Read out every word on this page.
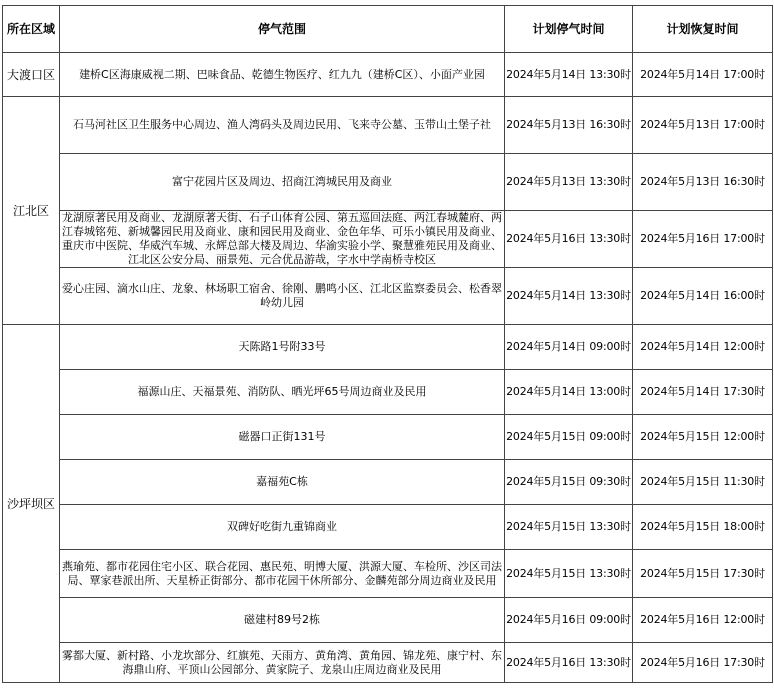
所在区域	停气范围	计划停气时间	计划恢复时间
大渡口区	建桥C区海康威视二期、巴味食品、乾德生物医疗、红九九（建桥C区）、小面产业园	2024年5月14日 13:30时	2024年5月14日 17:00时
江北区	石马河社区卫生服务中心周边、渔人湾码头及周边民用、飞来寺公墓、玉带山土堡子社	2024年5月13日 16:30时	2024年5月13日 17:00时
	富宁花园片区及周边、招商江湾城民用及商业	2024年5月13日 13:30时	2024年5月13日 16:30时
	龙湖原著民用及商业、龙湖原著天街、石子山体育公园、第五巡回法庭、两江春城麓府、两江春城铭苑、新城馨园民用及商业、康和园民用及商业、金色年华、可乐小镇民用及商业、重庆市中医院、华威汽车城、永辉总部大楼及周边、华渝实验小学、聚慧雅苑民用及商业、江北区公安分局、丽景苑、元合优品游哉，字水中学南桥寺校区	2024年5月16日 13:30时	2024年5月16日 17:00时
	爱心庄园、滴水山庄、龙象、林场职工宿舍、徐刚、鹏鸣小区、江北区监察委员会、松香翠岭幼儿园	2024年5月14日 13:30时	2024年5月14日 16:00时
沙坪坝区	天陈路1号附33号	2024年5月14日 09:00时	2024年5月14日 12:00时
	福源山庄、天福景苑、消防队、晒光坪65号周边商业及民用	2024年5月14日 13:00时	2024年5月14日 17:30时
	磁器口正街131号	2024年5月15日 09:00时	2024年5月15日 12:00时
	嘉福苑C栋	2024年5月15日 09:30时	2024年5月15日 11:30时
	双碑好吃街九重锦商业	2024年5月15日 13:30时	2024年5月15日 18:00时
	燕瑜苑、都市花园住宅小区、联合花园、惠民苑、明博大厦、洪源大厦、车检所、沙区司法局、覃家巷派出所、天星桥正街部分、都市花园干休所部分、金麟苑部分周边商业及民用	2024年5月15日 13:30时	2024年5月15日 17:30时
	磁建村89号2栋	2024年5月16日 09:00时	2024年5月16日 12:00时
	雾都大厦、新村路、小龙坎部分、红旗苑、天雨方、黄角湾、黄角园、锦龙苑、康宁村、东海鼎山府、平顶山公园部分、黄家院子、龙泉山庄周边商业及民用	2024年5月16日 13:30时	2024年5月16日 17:30时
